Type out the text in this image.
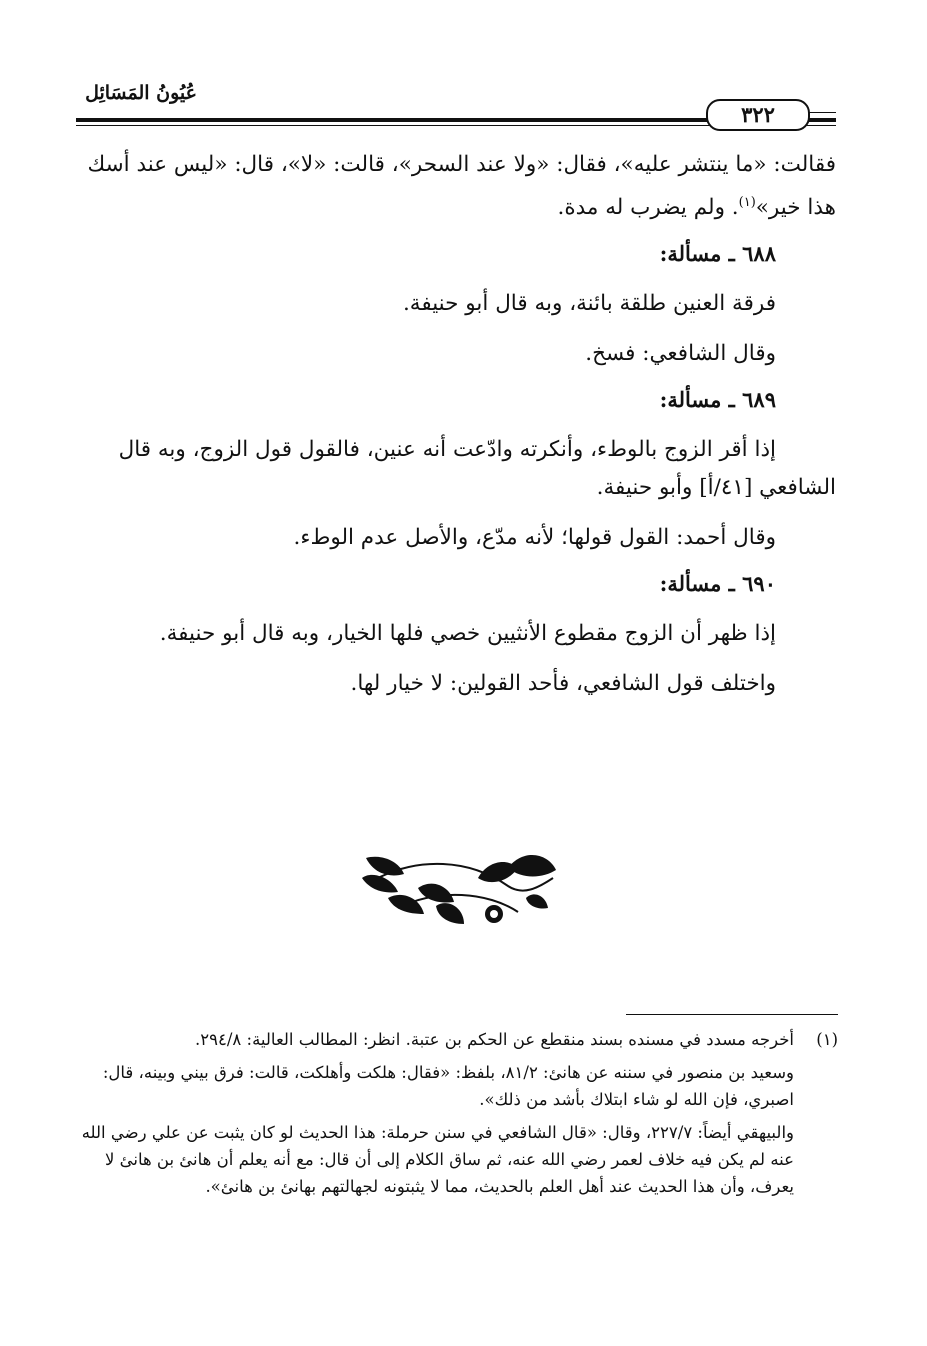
عُيُونُ المَسَائِل
٣٢٢

فقالت: «ما ينتشر عليه»، فقال: «ولا عند السحر»، قالت: «لا»، قال: «ليس عند أسك هذا خير»$^{(١)}$. ولم يضرب له مدة.

٦٨٨ ـ مسألة:

فرقة العنين طلقة بائنة، وبه قال أبو حنيفة.

وقال الشافعي: فسخ.

٦٨٩ ـ مسألة:

إذا أقر الزوج بالوطء، وأنكرته وادّعت أنه عنين، فالقول قول الزوج، وبه قال الشافعي [٤١/أ] وأبو حنيفة.

وقال أحمد: القول قولها؛ لأنه مدّع، والأصل عدم الوطء.

٦٩٠ ـ مسألة:

إذا ظهر أن الزوج مقطوع الأنثيين خصي فلها الخيار، وبه قال أبو حنيفة.

واختلف قول الشافعي، فأحد القولين: لا خيار لها.

(١)

أخرجه مسدد في مسنده بسند منقطع عن الحكم بن عتبة. انظر: المطالب العالية: ٢٩٤/٨.

وسعيد بن منصور في سننه عن هانئ: ٨١/٢، بلفظ: «فقال: هلكت وأهلكت، قالت: فرق بيني وبينه، قال: اصبري، فإن الله لو شاء ابتلاك بأشد من ذلك».

والبيهقي أيضاً: ٢٢٧/٧، وقال: «قال الشافعي في سنن حرملة: هذا الحديث لو كان يثبت عن علي رضي الله عنه لم يكن فيه خلاف لعمر رضي الله عنه، ثم ساق الكلام إلى أن قال: مع أنه يعلم أن هانئ بن هانئ لا يعرف، وأن هذا الحديث عند أهل العلم بالحديث، مما لا يثبتونه لجهالتهم بهانئ بن هانئ».
